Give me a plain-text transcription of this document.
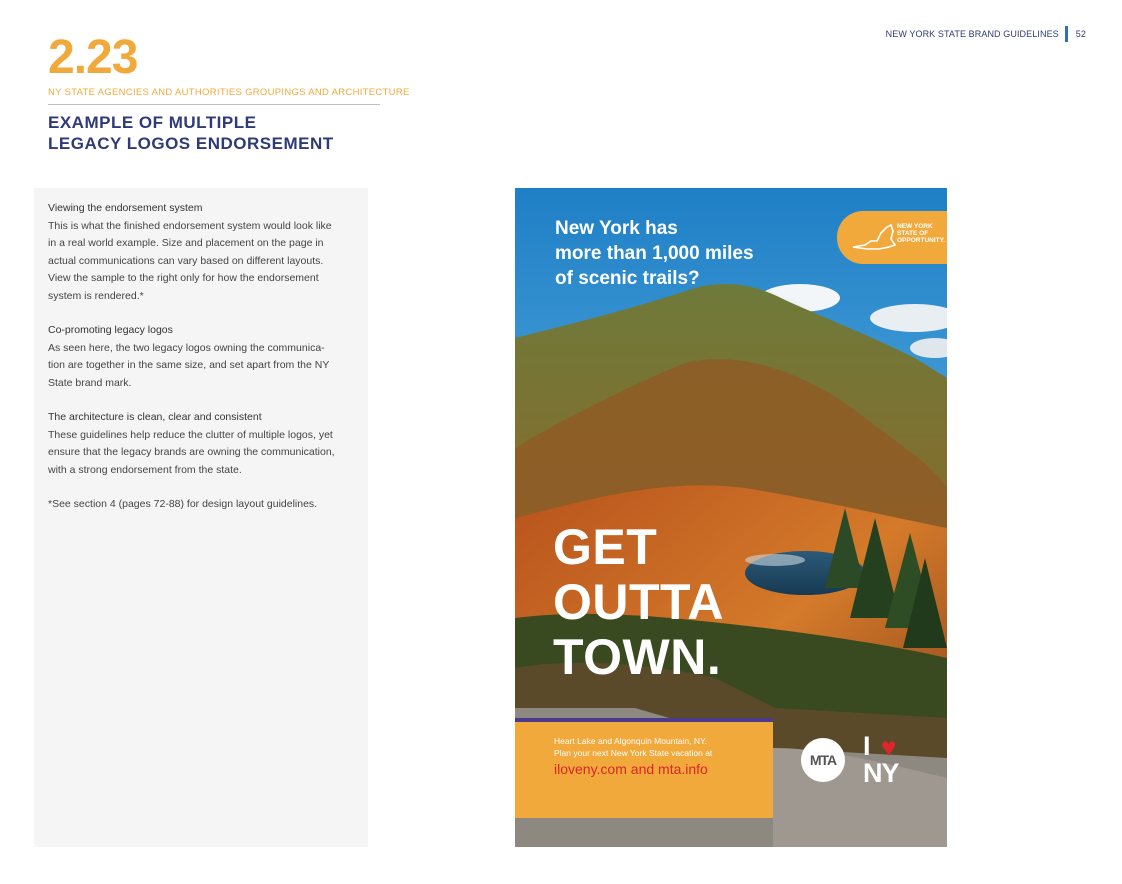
NEW YORK STATE BRAND GUIDELINES 52
2.23
NY STATE AGENCIES AND AUTHORITIES GROUPINGS AND ARCHITECTURE
EXAMPLE OF MULTIPLE
LEGACY LOGOS ENDORSEMENT
Viewing the endorsement system
This is what the finished endorsement system would look like
in a real world example. Size and placement on the page in
actual communications can vary based on different layouts.
View the sample to the right only for how the endorsement
system is rendered.*
Co-promoting legacy logos
As seen here, the two legacy logos owning the communica-
tion are together in the same size, and set apart from the NY
State brand mark.
The architecture is clean, clear and consistent
These guidelines help reduce the clutter of multiple logos, yet
ensure that the legacy brands are owning the communication,
with a strong endorsement from the state.
*See section 4 (pages 72-88) for design layout guidelines.
New York has
more than 1,000 miles
of scenic trails?
NEW YORK
STATE OF
OPPORTUNITY.
GET
OUTTA
TOWN.
Heart Lake and Algonquin Mountain, NY.
Plan your next New York State vacation at
iloveny.com and mta.info
MTA I ♥
NY
